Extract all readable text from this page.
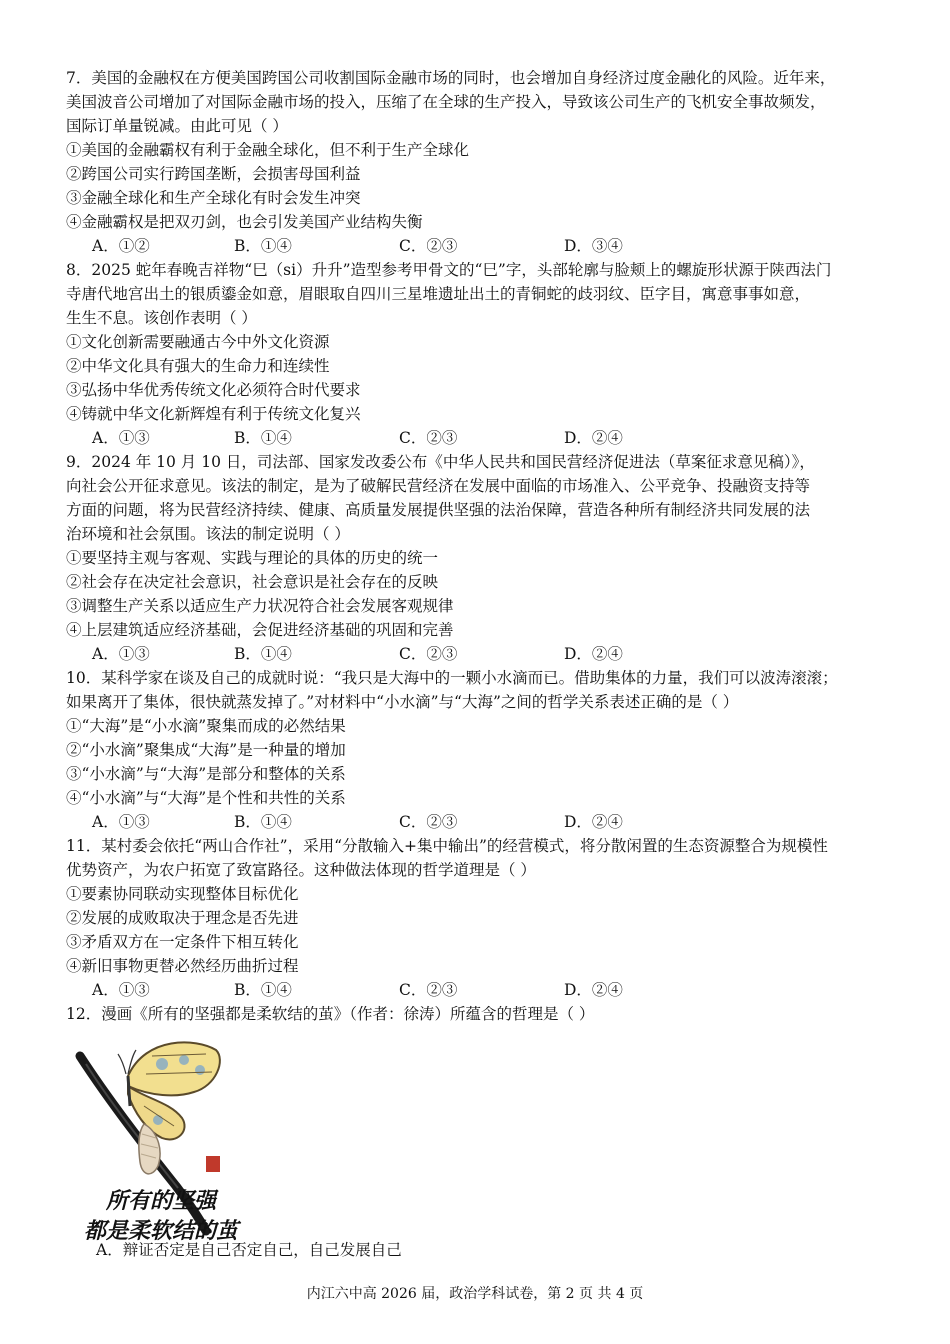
7．美国的金融权在方便美国跨国公司收割国际金融市场的同时，也会增加自身经济过度金融化的风险。近年来，
美国波音公司增加了对国际金融市场的投入，压缩了在全球的生产投入，导致该公司生产的飞机安全事故频发，
国际订单量锐减。由此可见（ ）
①美国的金融霸权有利于金融全球化，但不利于生产全球化
②跨国公司实行跨国垄断，会损害母国利益
③金融全球化和生产全球化有时会发生冲突
④金融霸权是把双刃剑，也会引发美国产业结构失衡
A．①②	B．①④	C．②③	D．③④
8．2025 蛇年春晚吉祥物“巳（si）升升”造型参考甲骨文的“巳”字，头部轮廓与脸颊上的螺旋形状源于陕西法门
寺唐代地宫出土的银质鎏金如意，眉眼取自四川三星堆遗址出土的青铜蛇的歧羽纹、臣字目，寓意事事如意，
生生不息。该创作表明（ ）
①文化创新需要融通古今中外文化资源
②中华文化具有强大的生命力和连续性
③弘扬中华优秀传统文化必须符合时代要求
④铸就中华文化新辉煌有利于传统文化复兴
A．①③	B．①④	C．②③	D．②④
9．2024 年 10 月 10 日，司法部、国家发改委公布《中华人民共和国民营经济促进法（草案征求意见稿）》，
向社会公开征求意见。该法的制定，是为了破解民营经济在发展中面临的市场准入、公平竞争、投融资支持等
方面的问题，将为民营经济持续、健康、高质量发展提供坚强的法治保障，营造各种所有制经济共同发展的法
治环境和社会氛围。该法的制定说明（ ）
①要坚持主观与客观、实践与理论的具体的历史的统一
②社会存在决定社会意识，社会意识是社会存在的反映
③调整生产关系以适应生产力状况符合社会发展客观规律
④上层建筑适应经济基础，会促进经济基础的巩固和完善
A．①③	B．①④	C．②③	D．②④
10．某科学家在谈及自己的成就时说：“我只是大海中的一颗小水滴而已。借助集体的力量，我们可以波涛滚滚；
如果离开了集体，很快就蒸发掉了。”对材料中“小水滴”与“大海”之间的哲学关系表述正确的是（ ）
①“大海”是“小水滴”聚集而成的必然结果
②“小水滴”聚集成“大海”是一种量的增加
③“小水滴”与“大海”是部分和整体的关系
④“小水滴”与“大海”是个性和共性的关系
A．①③	B．①④	C．②③	D．②④
11．某村委会依托“两山合作社”，采用“分散输入+集中输出”的经营模式，将分散闲置的生态资源整合为规模性
优势资产，为农户拓宽了致富路径。这种做法体现的哲学道理是（ ）
①要素协同联动实现整体目标优化
②发展的成败取决于理念是否先进
③矛盾双方在一定条件下相互转化
④新旧事物更替必然经历曲折过程
A．①③	B．①④	C．②③	D．②④
12．漫画《所有的坚强都是柔软结的茧》（作者：徐涛）所蕴含的哲理是（ ）
所有的坚强
都是柔软结的茧
A．辩证否定是自己否定自己，自己发展自己
内江六中高 2026 届，政治学科试卷，第 2 页 共 4 页
